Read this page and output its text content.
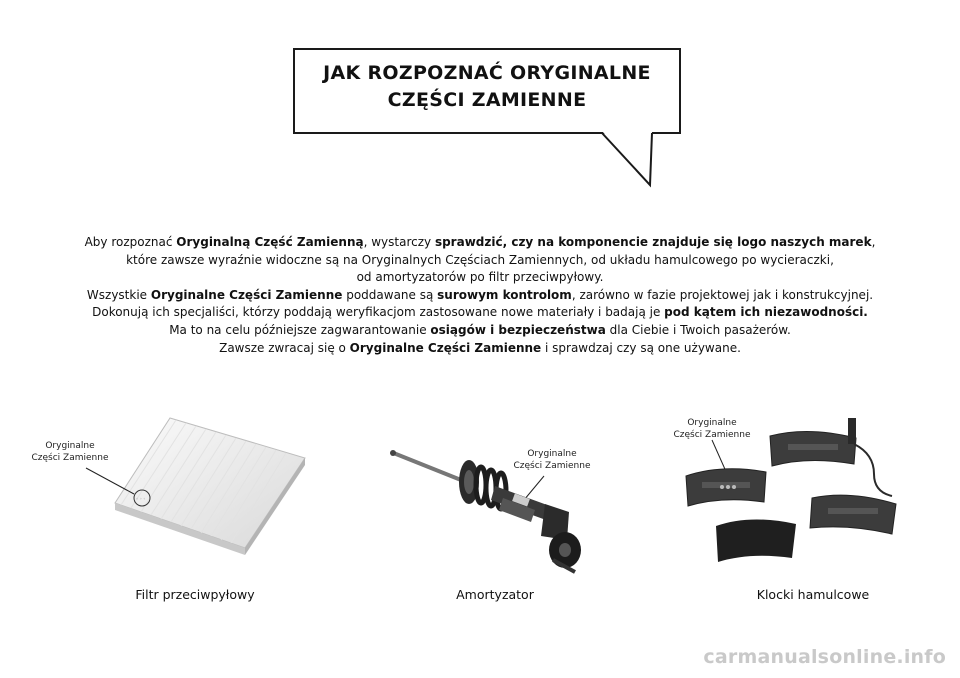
JAK ROZPOZNAĆ ORYGINALNE
CZĘŚCI ZAMIENNE
Aby rozpoznać Oryginalną Część Zamienną, wystarczy sprawdzić, czy na komponencie znajduje się logo naszych marek,
które zawsze wyraźnie widoczne są na Oryginalnych Częściach Zamiennych, od układu hamulcowego po wycieraczki,
od amortyzatorów po filtr przeciwpyłowy.
Wszystkie Oryginalne Części Zamienne poddawane są surowym kontrolom, zarówno w fazie projektowej jak i konstrukcyjnej.
Dokonują ich specjaliści, którzy poddają weryfikacjom zastosowane nowe materiały i badają je pod kątem ich niezawodności.
Ma to na celu późniejsze zagwarantowanie osiągów i bezpieczeństwa dla Ciebie i Twoich pasażerów.
Zawsze zwracaj się o Oryginalne Części Zamienne i sprawdzaj czy są one używane.
◦ ◦ ◦
Oryginalne
Części Zamienne
Filtr przeciwpyłowy
Oryginalne
Części Zamienne
Amortyzator
Oryginalne
Części Zamienne
Klocki hamulcowe
carmanualsonline.info
